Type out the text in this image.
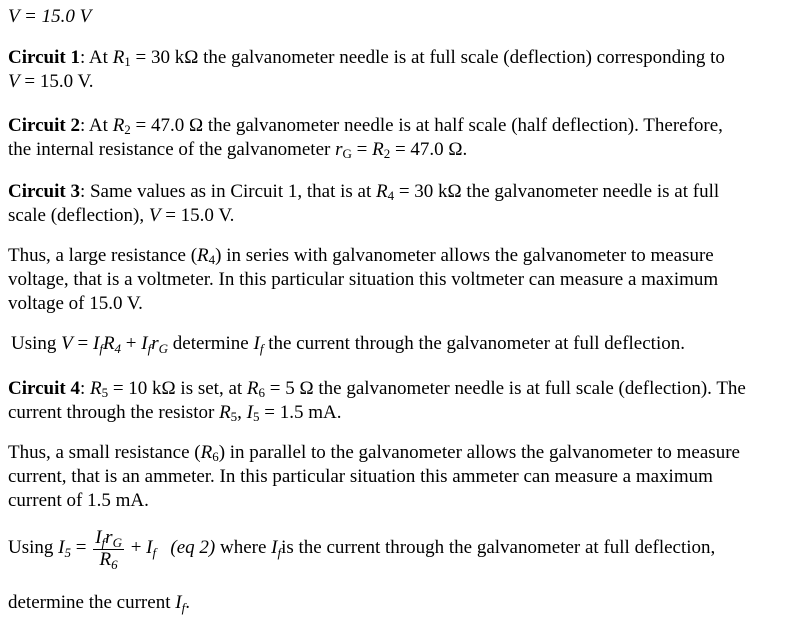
V = 15.0 V
Circuit 1: At $R_1 = 30$ kΩ the galvanometer needle is at full scale (deflection) corresponding to
V = 15.0 V.
Circuit 2: At $R_2 = 47.0$ Ω the galvanometer needle is at half scale (half deflection). Therefore,
the internal resistance of the galvanometer $r_G = R_2 = 47.0$ Ω.
Circuit 3: Same values as in Circuit 1, that is at $R_4 = 30$ kΩ the galvanometer needle is at full
scale (deflection), V = 15.0 V.
Thus, a large resistance $(R_4)$ in series with galvanometer allows the galvanometer to measure
voltage, that is a voltmeter. In this particular situation this voltmeter can measure a maximum
voltage of 15.0 V.
Using $V = I_fR_4 + I_fr_G$ determine $I_f$ the current through the galvanometer at full deflection.
Circuit 4: $R_5 = 10$ kΩ is set, at $R_6 = 5$ Ω the galvanometer needle is at full scale (deflection). The
current through the resistor $R_5$, $I_5 = 1.5$ mA.
Thus, a small resistance $(R_6)$ in parallel to the galvanometer allows the galvanometer to measure
current, that is an ammeter. In this particular situation this ammeter can measure a maximum
current of 1.5 mA.
Using $I_5 = \frac{I_fr_G}{R_6} + I_f$ (eq 2) where $I_fis$ the current through the galvanometer at full deflection,
determine the current $I_f$.
